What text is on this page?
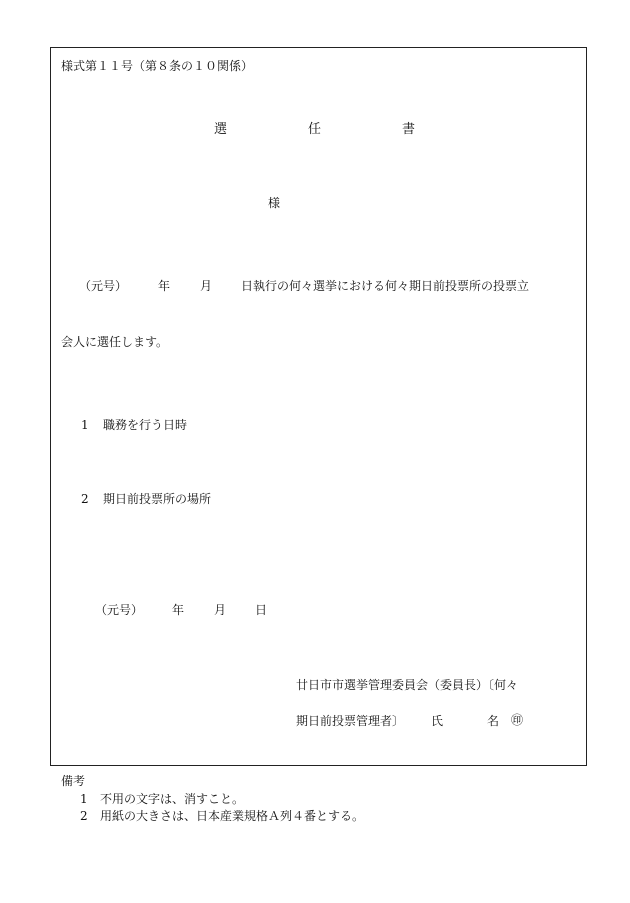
様式第１１号（第８条の１０関係）
選	任	書
様
（元号）	年 月 日執行の何々選挙における何々期日前投票所の投票立
会人に選任します。
1 職務を行う日時
2 期日前投票所の場所
（元号） 年 月 日
廿日市市選挙管理委員会（委員長）〔何々
期日前投票管理者〕 氏	名 ㊞
備考
1 不用の文字は、消すこと。
2 用紙の大きさは、日本産業規格Ａ列４番とする。
